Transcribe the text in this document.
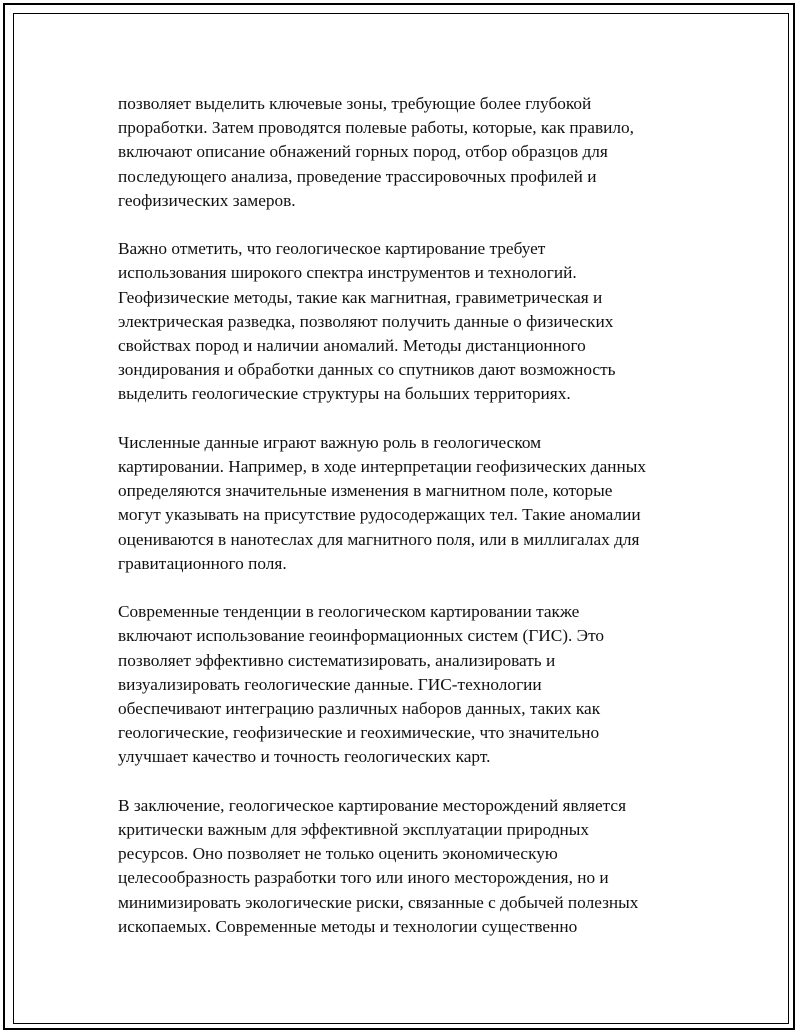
позволяет выделить ключевые зоны, требующие более глубокой
проработки. Затем проводятся полевые работы, которые, как правило,
включают описание обнажений горных пород, отбор образцов для
последующего анализа, проведение трассировочных профилей и
геофизических замеров.

Важно отметить, что геологическое картирование требует
использования широкого спектра инструментов и технологий.
Геофизические методы, такие как магнитная, гравиметрическая и
электрическая разведка, позволяют получить данные о физических
свойствах пород и наличии аномалий. Методы дистанционного
зондирования и обработки данных со спутников дают возможность
выделить геологические структуры на больших территориях.

Численные данные играют важную роль в геологическом
картировании. Например, в ходе интерпретации геофизических данных
определяются значительные изменения в магнитном поле, которые
могут указывать на присутствие рудосодержащих тел. Такие аномалии
оцениваются в нанотеслах для магнитного поля, или в миллигалах для
гравитационного поля.

Современные тенденции в геологическом картировании также
включают использование геоинформационных систем (ГИС). Это
позволяет эффективно систематизировать, анализировать и
визуализировать геологические данные. ГИС-технологии
обеспечивают интеграцию различных наборов данных, таких как
геологические, геофизические и геохимические, что значительно
улучшает качество и точность геологических карт.

В заключение, геологическое картирование месторождений является
критически важным для эффективной эксплуатации природных
ресурсов. Оно позволяет не только оценить экономическую
целесообразность разработки того или иного месторождения, но и
минимизировать экологические риски, связанные с добычей полезных
ископаемых. Современные методы и технологии существенно
